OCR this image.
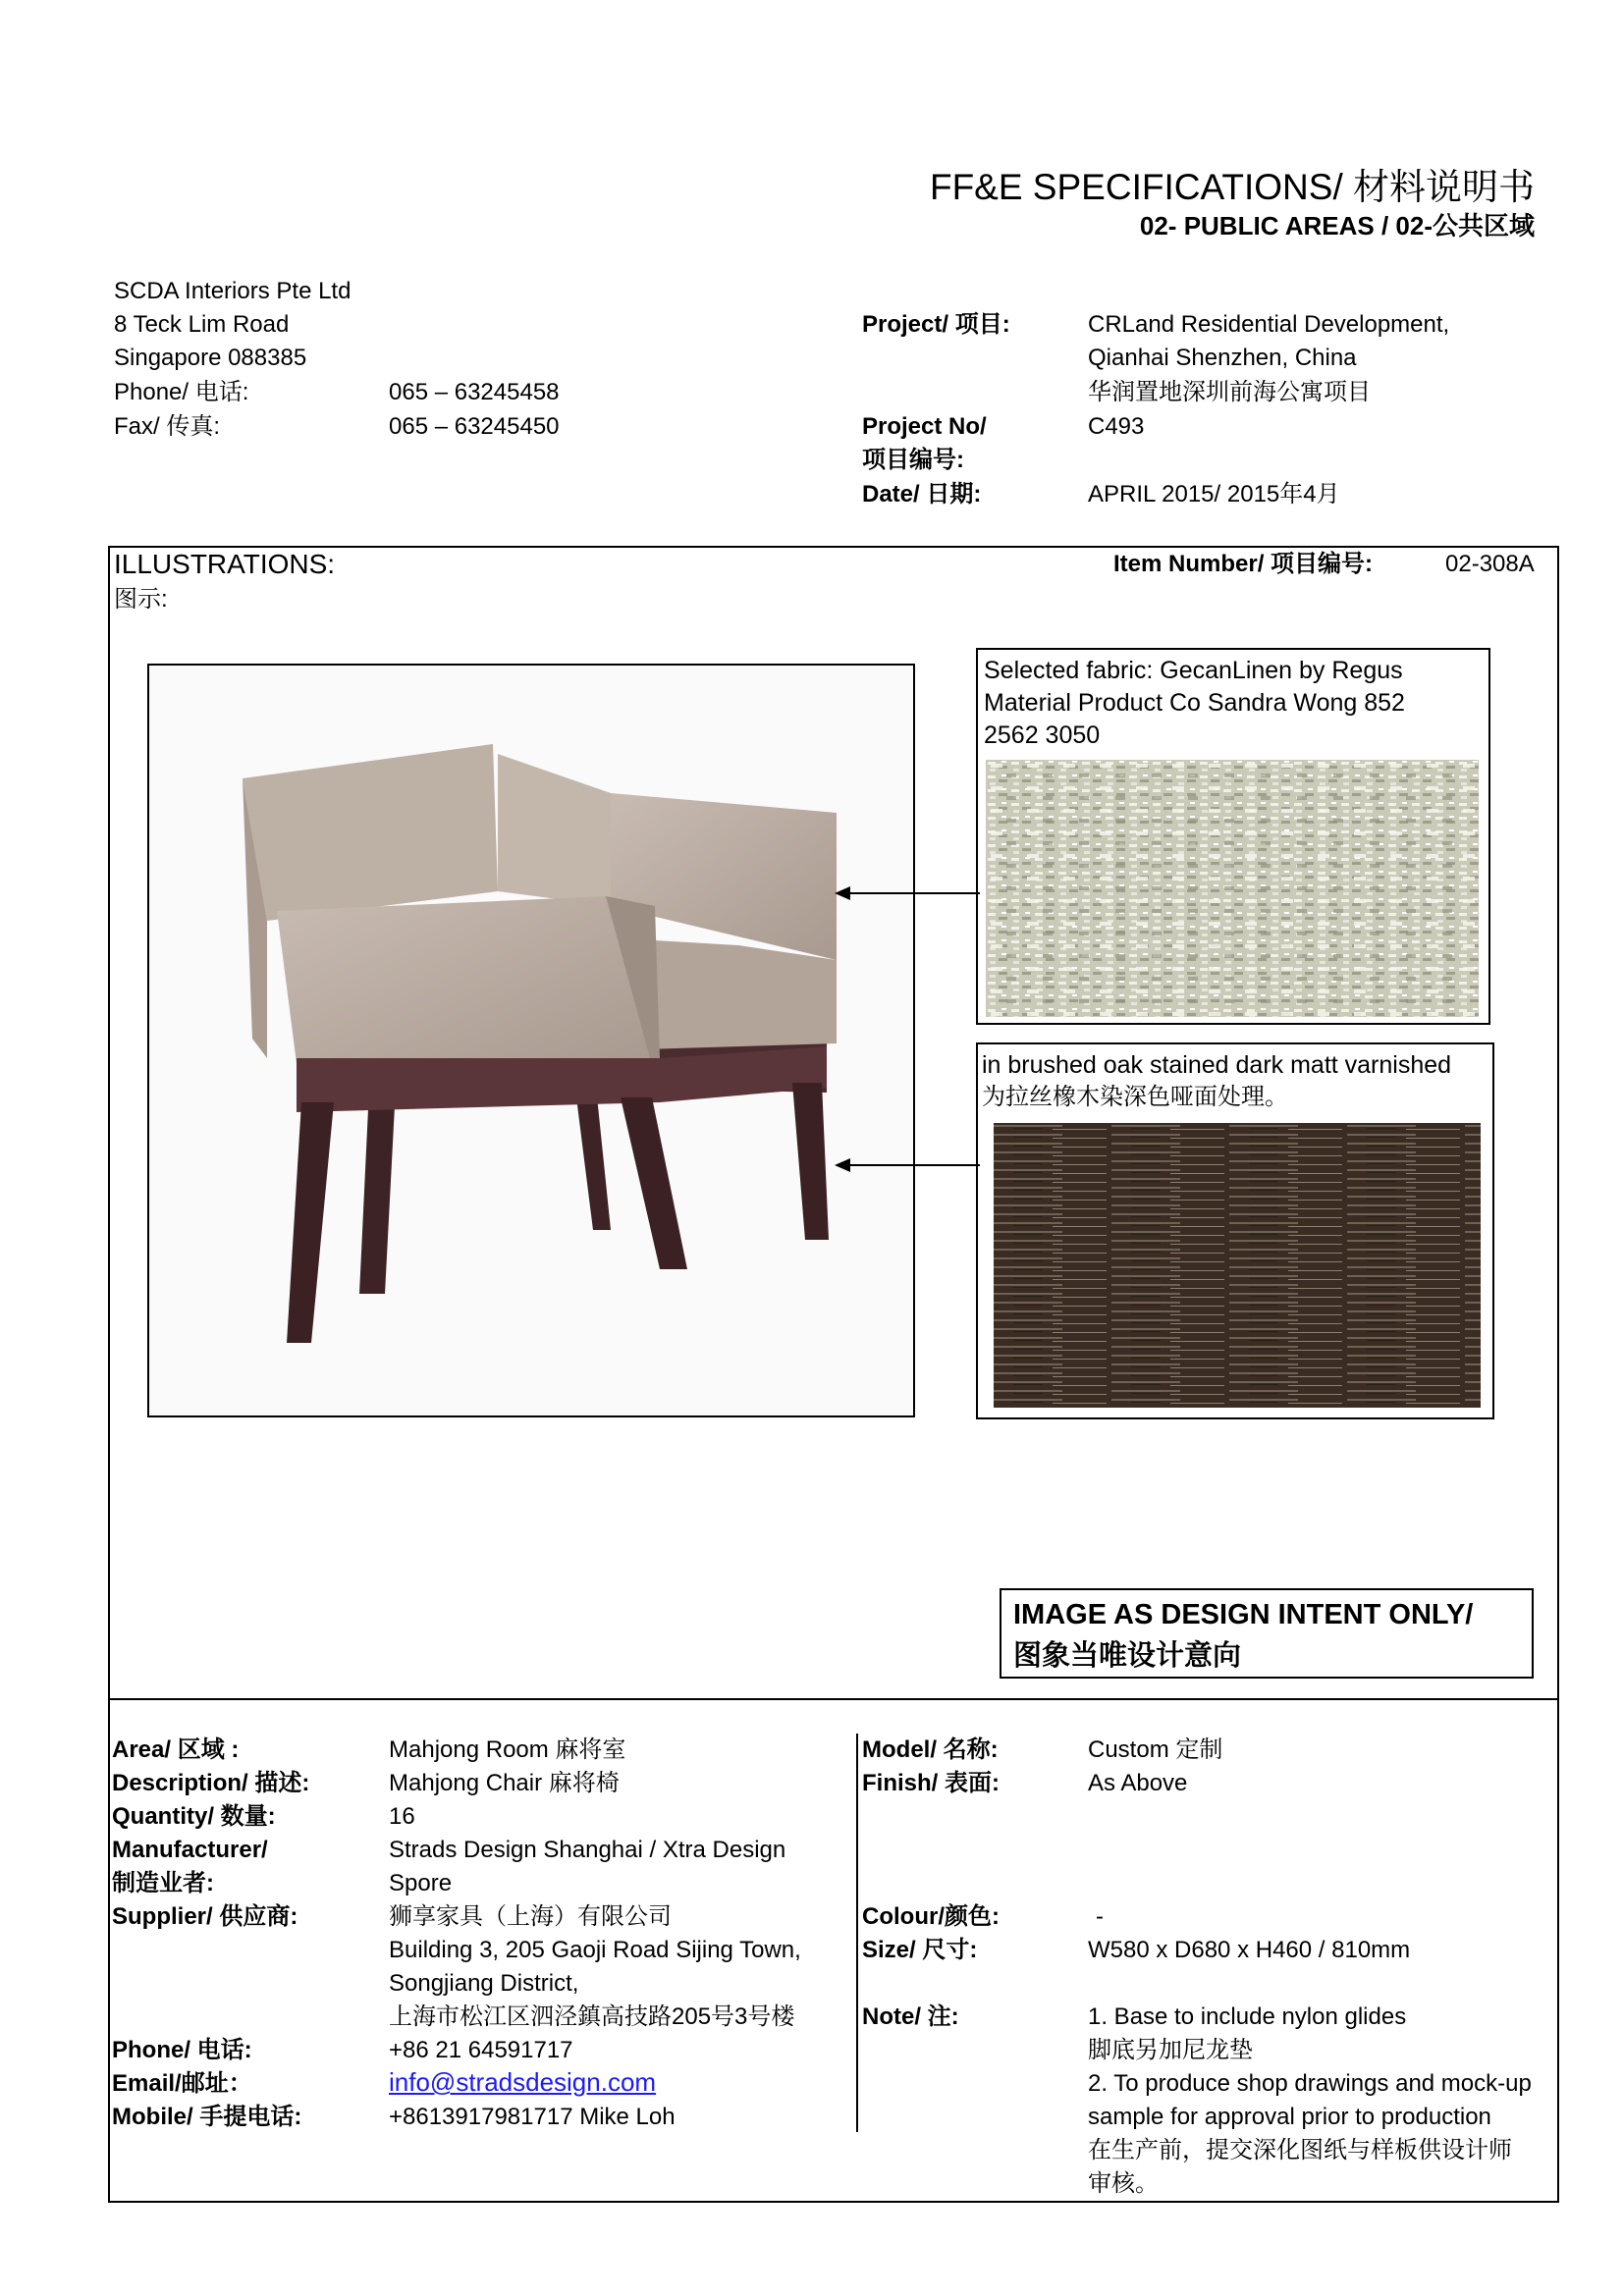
FF&E SPECIFICATIONS/ 材料说明书
02- PUBLIC AREAS / 02-公共区域
SCDA Interiors Pte Ltd
8 Teck Lim Road
Singapore 088385
Phone/ 电话:	065 – 63245458
Fax/ 传真:	065 – 63245450
Project/ 项目:	CRLand Residential Development,
Qianhai Shenzhen, China
华润置地深圳前海公寓项目
Project No/	C493
项目编号:
Date/ 日期:	APRIL 2015/ 2015年4月
ILLUSTRATIONS:
图示:
Item Number/ 项目编号:	02-308A
Selected fabric: GecanLinen by Regus
Material Product Co Sandra Wong 852
2562 3050
in brushed oak stained dark matt varnished
为拉丝橡木染深色哑面处理。
IMAGE AS DESIGN INTENT ONLY/
图象当唯设计意向
Area/ 区域 :	Mahjong Room 麻将室
Description/ 描述:	Mahjong Chair 麻将椅
Quantity/ 数量:	16
Manufacturer/	Strads Design Shanghai / Xtra Design
制造业者:	Spore
Supplier/ 供应商:	狮享家具（上海）有限公司
Building 3, 205 Gaoji Road Sijing Town,
Songjiang District,
上海市松江区泗泾鎮高技路205号3号楼
Phone/ 电话:	+86 21 64591717
Email/邮址：	info@stradsdesign.com
Mobile/ 手提电话:	+8613917981717 Mike Loh
Model/ 名称:	Custom 定制
Finish/ 表面:	As Above
Colour/颜色:	-
Size/ 尺寸:	W580 x D680 x H460 / 810mm
Note/ 注:	1. Base to include nylon glides
脚底另加尼龙垫
2. To produce shop drawings and mock-up
sample for approval prior to production
在生产前，提交深化图纸与样板供设计师
审核。
